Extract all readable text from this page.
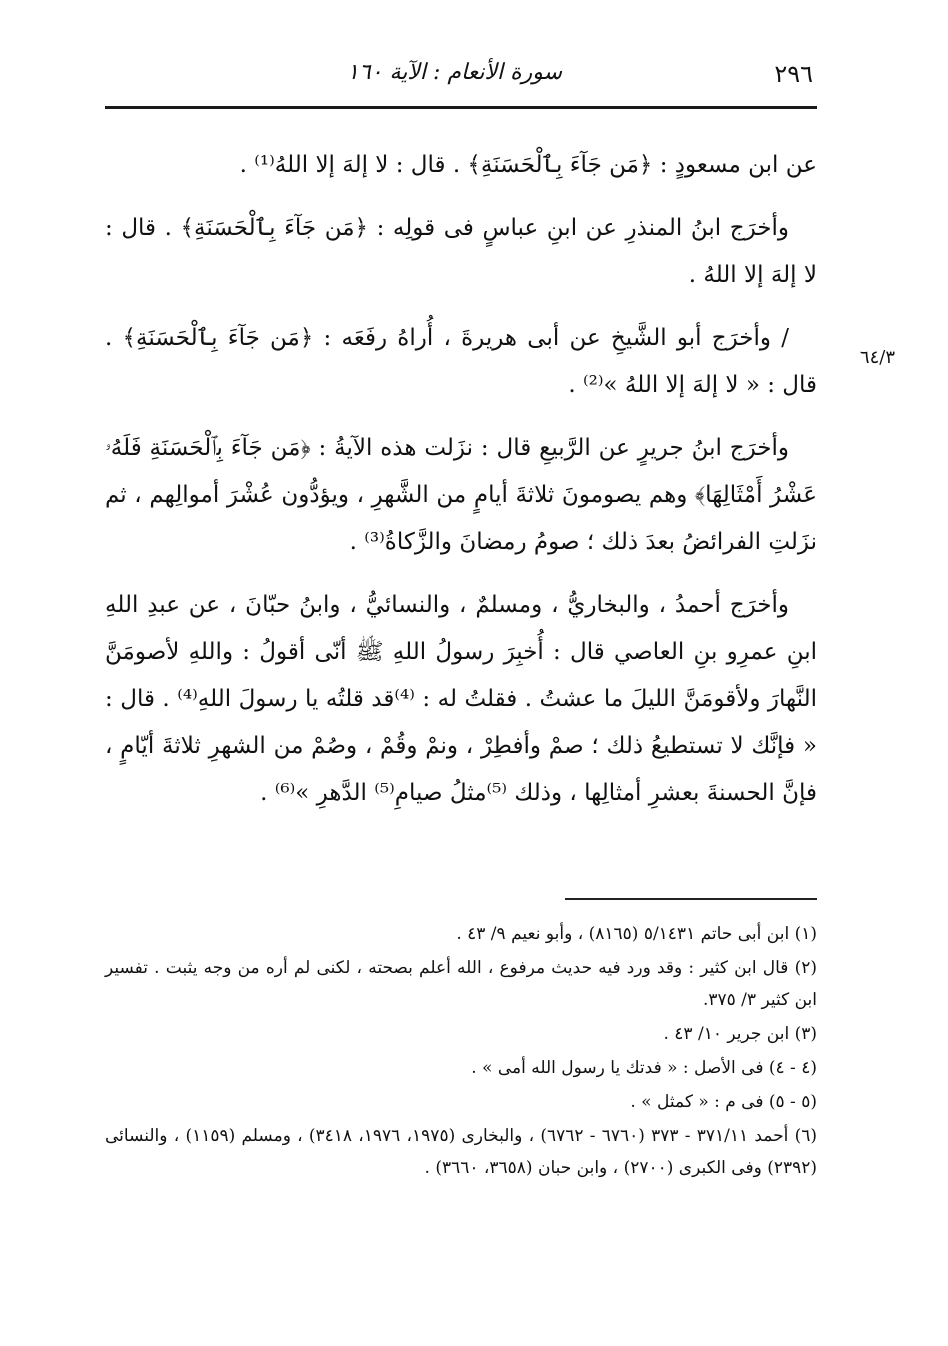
٢٩٦
سورة الأنعام : الآية ١٦٠

عن ابن مسعودٍ : ﴿مَن جَآءَ بِٱلْحَسَنَةِ﴾ . قال : لا إلهَ إلا اللهُ⁽¹⁾ .

وأخرَج ابنُ المنذرِ عن ابنِ عباسٍ فى قولِه : ﴿مَن جَآءَ بِٱلْحَسَنَةِ﴾ . قال : لا إلهَ إلا اللهُ .

/ وأخرَج أبو الشَّيخِ عن أبى هريرةَ ، أُراهُ رفَعَه : ﴿مَن جَآءَ بِٱلْحَسَنَةِ﴾ . قال : « لا إلهَ إلا اللهُ »⁽²⁾ .

وأخرَج ابنُ جريرٍ عن الرَّبيعِ قال : نزَلت هذه الآيةُ : ﴿مَن جَآءَ بِٱلْحَسَنَةِ فَلَهُۥ عَشْرُ أَمْثَالِهَا﴾ وهم يصومونَ ثلاثةَ أيامٍ من الشَّهرِ ، ويؤدُّون عُشْرَ أموالِهم ، ثم نزَلتِ الفرائضُ بعدَ ذلك ؛ صومُ رمضانَ والزَّكاةُ⁽³⁾ .

وأخرَج أحمدُ ، والبخاريُّ ، ومسلمٌ ، والنسائيُّ ، وابنُ حبّانَ ، عن عبدِ اللهِ ابنِ عمرِو بنِ العاصي قال : أُخبِرَ رسولُ اللهِ ﷺ أنّى أقولُ : واللهِ لأصومَنَّ النَّهارَ ولأقومَنَّ الليلَ ما عشتُ . فقلتُ له : ⁽⁴⁾قد قلتُه يا رسولَ اللهِ⁽⁴⁾ . قال : « فإنَّك لا تستطيعُ ذلك ؛ صمْ وأفطِرْ ، ونمْ وقُمْ ، وصُمْ من الشهرِ ثلاثةَ أيّامٍ ، فإنَّ الحسنةَ بعشرِ أمثالِها ، وذلك ⁽⁵⁾مثلُ صيامِ⁽⁵⁾ الدَّهرِ »⁽⁶⁾ .

٦٤/٣

(١) ابن أبى حاتم ٥/١٤٣١ (٨١٦٥) ، وأبو نعيم ٩/ ٤٣ .

(٢) قال ابن كثير : وقد ورد فيه حديث مرفوع ، الله أعلم بصحته ، لكنى لم أره من وجه يثبت . تفسير ابن كثير ٣/ ٣٧٥.

(٣) ابن جرير ١٠/ ٤٣ .

(٤ - ٤) فى الأصل : « فدتك يا رسول الله أمى » .

(٥ - ٥) فى م : « كمثل » .

(٦) أحمد ٣٧١/١١ - ٣٧٣ (٦٧٦٠ - ٦٧٦٢) ، والبخارى (١٩٧٥، ١٩٧٦، ٣٤١٨) ، ومسلم (١١٥٩) ، والنسائى (٢٣٩٢) وفى الكبرى (٢٧٠٠) ، وابن حبان (٣٦٥٨، ٣٦٦٠) .
